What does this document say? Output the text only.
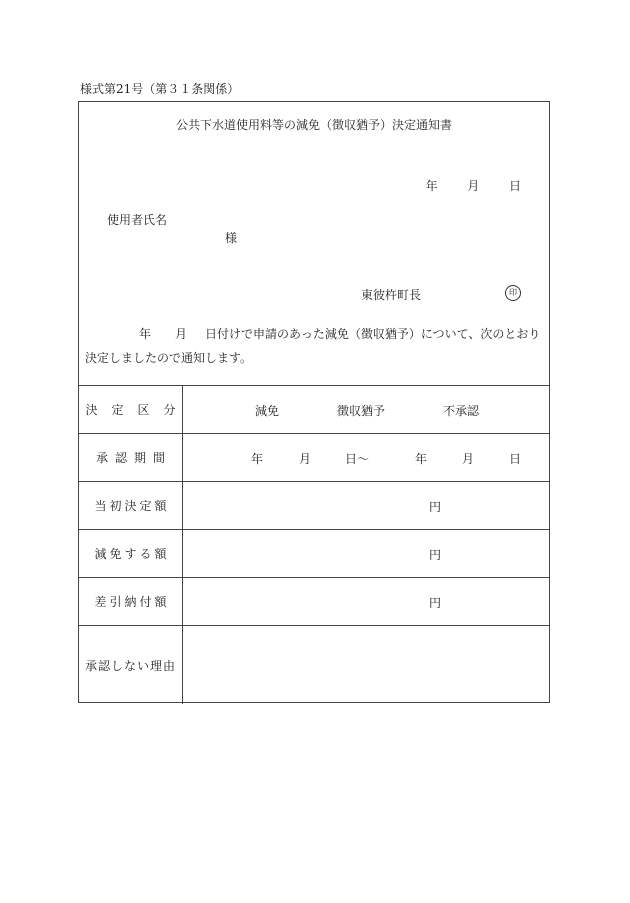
様式第21号（第３１条関係）
公共下水道使用料等の減免（徴収猶予）決定通知書
年 月 日
使用者氏名
様
東彼杵町長	印
年 月 日付けで申請のあった減免（徴収猶予）について、次のとおり決定しましたので通知します。
決定区分	減免	徴収猶予	不承認
承認期間	年	月	日～	年	月	日
当初決定額	円
減免する額	円
差引納付額	円
承認しない理由
